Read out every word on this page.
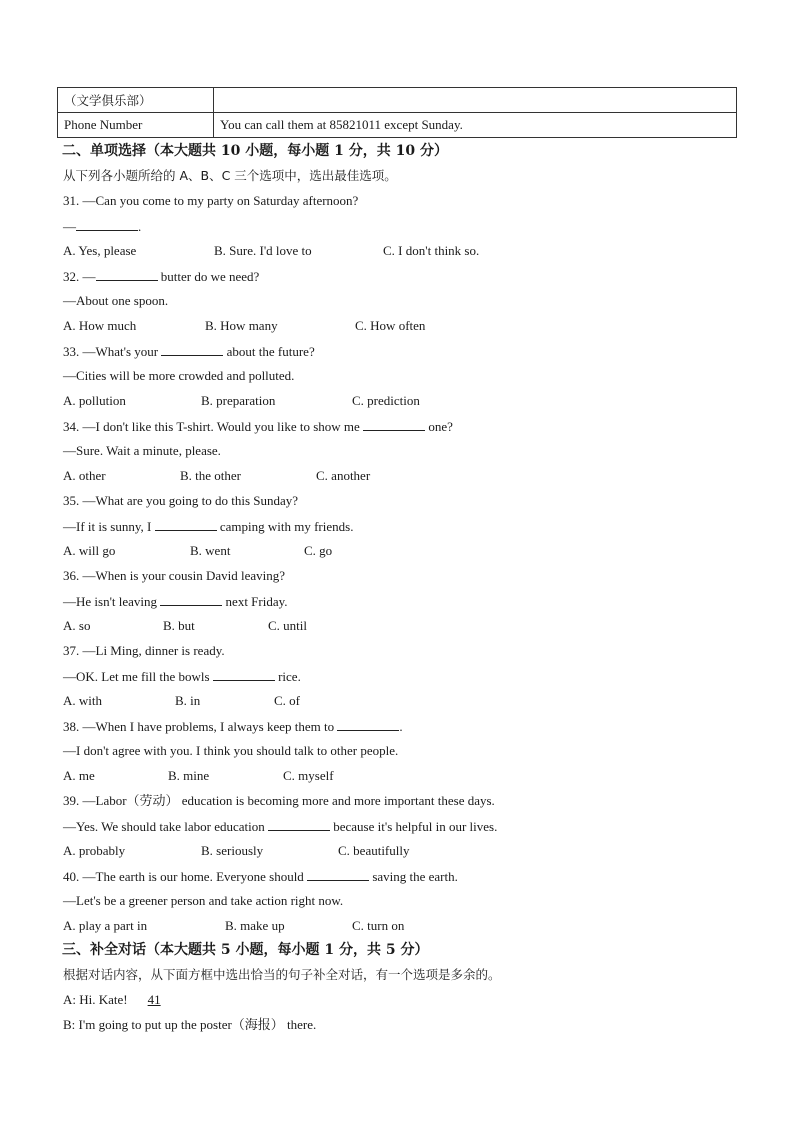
（文学俱乐部）	
Phone Number	You can call them at 85821011 except Sunday.
二、单项选择（本大题共 10 小题，每小题 1 分，共 10 分）
从下列各小题所给的 A、B、C 三个选项中，选出最佳选项。
31. —Can you come to my party on Saturday afternoon?
—	.
A. Yes, please	B. Sure. I'd love to	C. I don't think so.
32. —	butter do we need?
—About one spoon.
A. How much	B. How many	C. How often
33. —What's your	about the future?
—Cities will be more crowded and polluted.
A. pollution	B. preparation	C. prediction
34. —I don't like this T-shirt. Would you like to show me	one?
—Sure. Wait a minute, please.
A. other	B. the other	C. another
35. —What are you going to do this Sunday?
—If it is sunny, I	camping with my friends.
A. will go	B. went	C. go
36. —When is your cousin David leaving?
—He isn't leaving	next Friday.
A. so	B. but	C. until
37. —Li Ming, dinner is ready.
—OK. Let me fill the bowls	rice.
A. with	B. in	C. of
38. —When I have problems, I always keep them to	.
—I don't agree with you. I think you should talk to other people.
A. me	B. mine	C. myself
39. —Labor（劳动） education is becoming more and more important these days.
—Yes. We should take labor education	because it's helpful in our lives.
A. probably	B. seriously	C. beautifully
40. —The earth is our home. Everyone should	saving the earth.
—Let's be a greener person and take action right now.
A. play a part in	B. make up	C. turn on
三、补全对话（本大题共 5 小题，每小题 1 分，共 5 分）
根据对话内容，从下面方框中选出恰当的句子补全对话，有一个选项是多余的。
A: Hi. Kate! 41
B: I'm going to put up the poster（海报） there.
